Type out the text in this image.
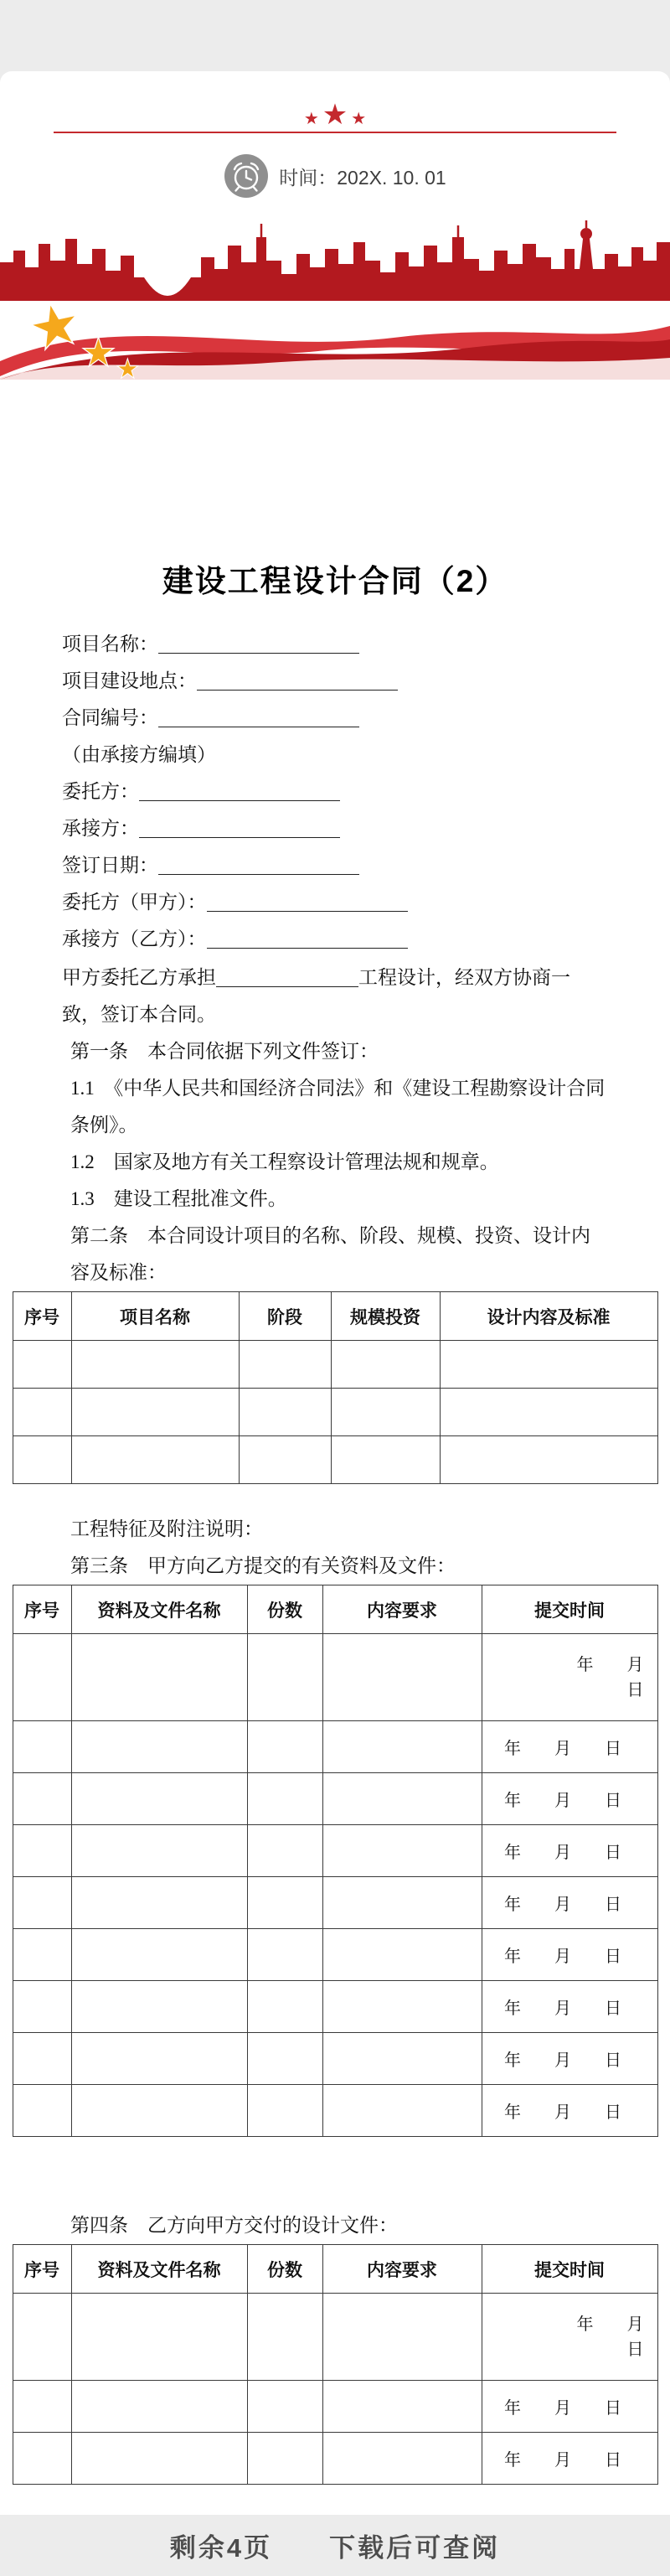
★ ★ ★
时间：202X. 10. 01
★
★
★
建设工程设计合同（2）
项目名称：
项目建设地点：
合同编号：
（由承接方编填）
委托方：
承接方：
签订日期：
委托方（甲方）：
承接方（乙方）：
甲方委托乙方承担	工程设计，经双方协商一致，签订本合同。
第一条　本合同依据下列文件签订：
1.1　《中华人民共和国经济合同法》和《建设工程勘察设计合同条例》。
1.2　国家及地方有关工程察设计管理法规和规章。
1.3　建设工程批准文件。
第二条　本合同设计项目的名称、阶段、规模、投资、设计内容及标准：
序号	项目名称	阶段	规模投资	设计内容及标准

工程特征及附注说明：
第三条　甲方向乙方提交的有关资料及文件：
序号	资料及文件名称	份数	内容要求	提交时间

				年　　月
日

				年　　月　　日
				年　　月　　日
				年　　月　　日
				年　　月　　日
				年　　月　　日
				年　　月　　日
				年　　月　　日
				年　　月　　日
第四条　乙方向甲方交付的设计文件：
序号	资料及文件名称	份数	内容要求	提交时间

				年　　月
日

				年　　月　　日
				年　　月　　日
剩余4页　　下载后可查阅
